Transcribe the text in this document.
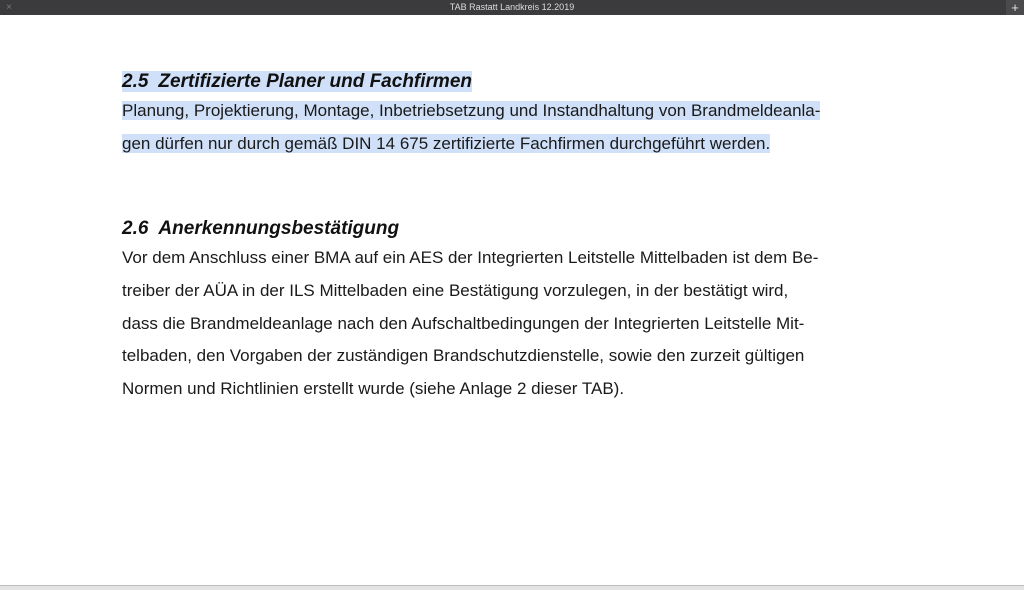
×	TAB Rastatt Landkreis 12.2019	+
2.5 Zertifizierte Planer und Fachfirmen
Planung, Projektierung, Montage, Inbetriebsetzung und Instandhaltung von Brandmeldeanla-
gen dürfen nur durch gemäß DIN 14 675 zertifizierte Fachfirmen durchgeführt werden.
2.6 Anerkennungsbestätigung
Vor dem Anschluss einer BMA auf ein AES der Integrierten Leitstelle Mittelbaden ist dem Be-
treiber der AÜA in der ILS Mittelbaden eine Bestätigung vorzulegen, in der bestätigt wird,
dass die Brandmeldeanlage nach den Aufschaltbedingungen der Integrierten Leitstelle Mit-
telbaden, den Vorgaben der zuständigen Brandschutzdienstelle, sowie den zurzeit gültigen
Normen und Richtlinien erstellt wurde (siehe Anlage 2 dieser TAB).
